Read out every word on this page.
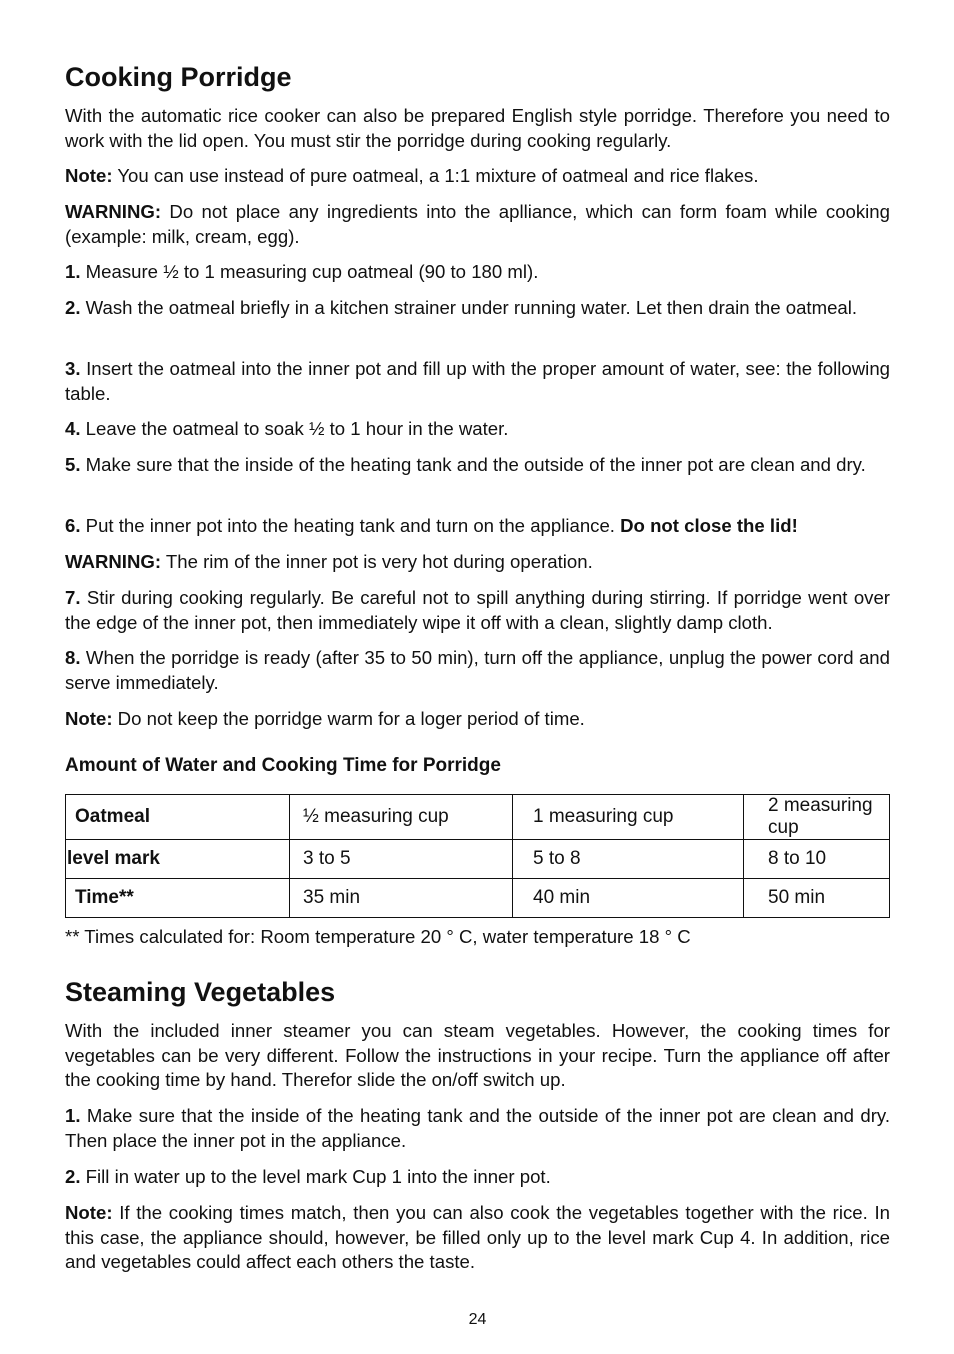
Cooking Porridge

With the automatic rice cooker can also be prepared English style porridge. Therefore you need to work with the lid open. You must stir the porridge during cooking regularly.

Note: You can use instead of pure oatmeal, a 1:1 mixture of oatmeal and rice flakes.

WARNING: Do not place any ingredients into the aplliance, which can form foam while cooking (example: milk, cream, egg).

1. Measure ½ to 1 measuring cup oatmeal (90 to 180 ml).

2. Wash the oatmeal briefly in a kitchen strainer under running water. Let then drain the oatmeal.

3. Insert the oatmeal into the inner pot and fill up with the proper amount of water, see: the following table.

4. Leave the oatmeal to soak ½ to 1 hour in the water.

5. Make sure that the inside of the heating tank and the outside of the inner pot are clean and dry.

6. Put the inner pot into the heating tank and turn on the appliance. Do not close the lid!

WARNING: The rim of the inner pot is very hot during operation.

7. Stir during cooking regularly. Be careful not to spill anything during stirring. If porridge went over the edge of the inner pot, then immediately wipe it off with a clean, slightly damp cloth.

8. When the porridge is ready (after 35 to 50 min), turn off the appliance, unplug the power cord and serve immediately.

Note: Do not keep the porridge warm for a loger period of time.

Amount of Water and Cooking Time for Porridge
Oatmeal	½ measuring cup	1 measuring cup	2 measuring cup
level mark	3 to 5	5 to 8	8 to 10
Time**	35 min	40 min	50 min
** Times calculated for: Room temperature 20 ° C, water temperature 18 ° C
Steaming Vegetables

With the included inner steamer you can steam vegetables. However, the cooking times for vegetables can be very different. Follow the instructions in your recipe. Turn the appliance off after the cooking time by hand. Therefor slide the on/off switch up.

1. Make sure that the inside of the heating tank and the outside of the inner pot are clean and dry. Then place the inner pot in the appliance.

2. Fill in water up to the level mark Cup 1 into the inner pot.

Note: If the cooking times match, then you can also cook the vegetables together with the rice. In this case, the appliance should, however, be filled only up to the level mark Cup 4. In addition, rice and vegetables could affect each others the taste.

24
